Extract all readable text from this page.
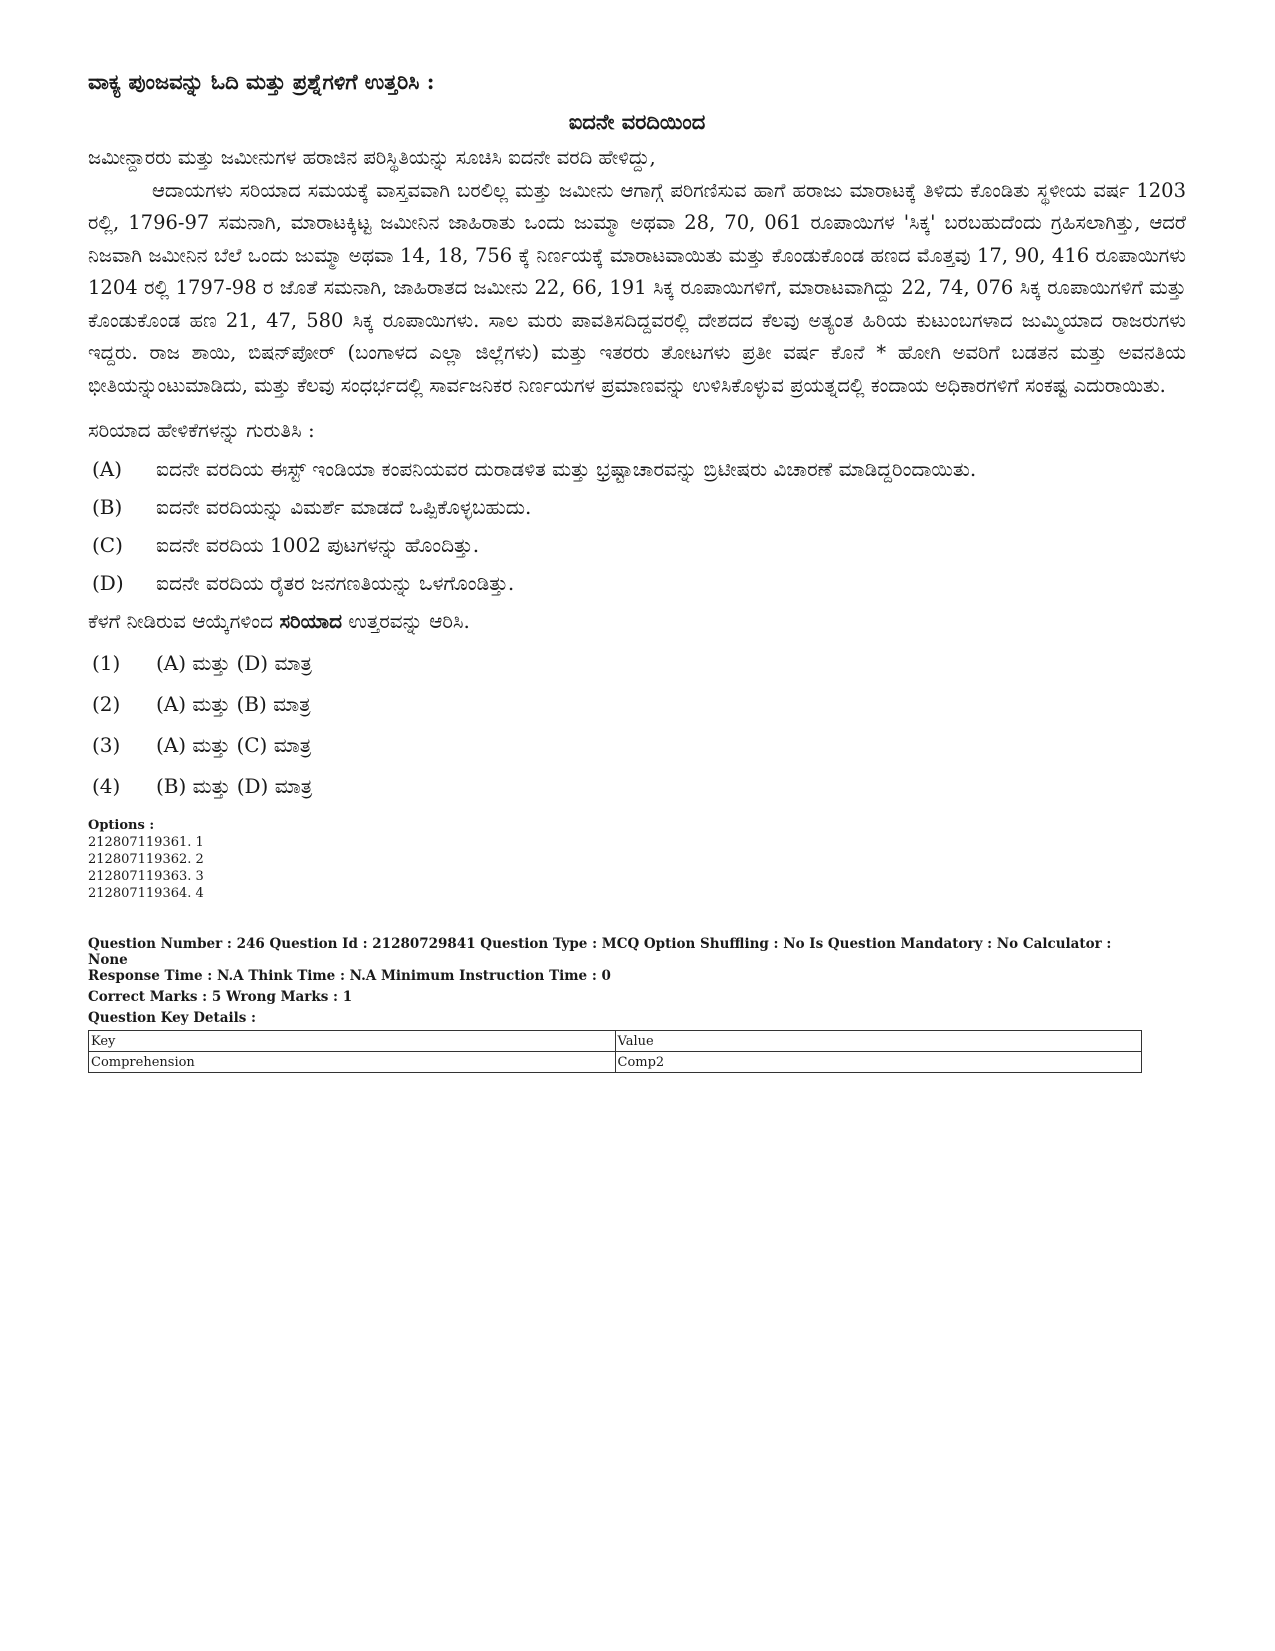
ವಾಕ್ಯ ಪುಂಜವನ್ನು ಓದಿ ಮತ್ತು ಪ್ರಶ್ನೆಗಳಿಗೆ ಉತ್ತರಿಸಿ :

ಐದನೇ ವರದಿಯಿಂದ

ಜಮೀನ್ದಾರರು ಮತ್ತು ಜಮೀನುಗಳ ಹರಾಜಿನ ಪರಿಸ್ಥಿತಿಯನ್ನು ಸೂಚಿಸಿ ಐದನೇ ವರದಿ ಹೇಳಿದ್ದು,
ಆದಾಯಗಳು ಸರಿಯಾದ ಸಮಯಕ್ಕೆ ವಾಸ್ತವವಾಗಿ ಬರಲಿಲ್ಲ ಮತ್ತು ಜಮೀನು ಆಗಾಗ್ಗೆ ಪರಿಗಣಿಸುವ ಹಾಗೆ ಹರಾಜು ಮಾರಾಟಕ್ಕೆ ತಿಳಿದು ಕೊಂಡಿತು ಸ್ಥಳೀಯ ವರ್ಷ 1203 ರಲ್ಲಿ, 1796-97 ಸಮನಾಗಿ, ಮಾರಾಟಕ್ಕಿಟ್ಟ ಜಮೀನಿನ ಜಾಹಿರಾತು ಒಂದು ಜುಮ್ಮಾ ಅಥವಾ 28, 70, 061 ರೂಪಾಯಿಗಳ 'ಸಿಕ್ಕ' ಬರಬಹುದೆಂದು ಗ್ರಹಿಸಲಾಗಿತ್ತು, ಆದರೆ ನಿಜವಾಗಿ ಜಮೀನಿನ ಬೆಲೆ ಒಂದು ಜುಮ್ಮಾ ಅಥವಾ 14, 18, 756 ಕ್ಕೆ ನಿರ್ಣಯಕ್ಕೆ ಮಾರಾಟವಾಯಿತು ಮತ್ತು ಕೊಂಡುಕೊಂಡ ಹಣದ ಮೊತ್ತವು 17, 90, 416 ರೂಪಾಯಿಗಳು 1204 ರಲ್ಲಿ 1797-98 ರ ಜೊತೆ ಸಮನಾಗಿ, ಜಾಹಿರಾತದ ಜಮೀನು 22, 66, 191 ಸಿಕ್ಕ ರೂಪಾಯಿಗಳಿಗೆ, ಮಾರಾಟವಾಗಿದ್ದು 22, 74, 076 ಸಿಕ್ಕ ರೂಪಾಯಿಗಳಿಗೆ ಮತ್ತು ಕೊಂಡುಕೊಂಡ ಹಣ 21, 47, 580 ಸಿಕ್ಕ ರೂಪಾಯಿಗಳು. ಸಾಲ ಮರು ಪಾವತಿಸದಿದ್ದವರಲ್ಲಿ ದೇಶದದ ಕೆಲವು ಅತ್ಯಂತ ಹಿರಿಯ ಕುಟುಂಬಗಳಾದ ಜುಮ್ಮಿಯಾದ ರಾಜರುಗಳು ಇದ್ದರು. ರಾಜ ಶಾಯಿ, ಬಿಷನ್‌ಪೋರ್ (ಬಂಗಾಳದ ಎಲ್ಲಾ ಜಿಲ್ಲೆಗಳು) ಮತ್ತು ಇತರರು ತೋಟಗಳು ಪ್ರತೀ ವರ್ಷ ಕೊನೆ * ಹೋಗಿ ಅವರಿಗೆ ಬಡತನ ಮತ್ತು ಅವನತಿಯ ಭೀತಿಯನ್ನುಂಟುಮಾಡಿದು, ಮತ್ತು ಕೆಲವು ಸಂಧರ್ಭದಲ್ಲಿ ಸಾರ್ವಜನಿಕರ ನಿರ್ಣಯಗಳ ಪ್ರಮಾಣವನ್ನು ಉಳಿಸಿಕೊಳ್ಳುವ ಪ್ರಯತ್ನದಲ್ಲಿ ಕಂದಾಯ ಅಧಿಕಾರಗಳಿಗೆ ಸಂಕಷ್ಟ ಎದುರಾಯಿತು.

ಸರಿಯಾದ ಹೇಳಿಕೆಗಳನ್ನು ಗುರುತಿಸಿ :

(A)	ಐದನೇ ವರದಿಯ ಈಸ್ಟ್ ಇಂಡಿಯಾ ಕಂಪನಿಯವರ ದುರಾಡಳಿತ ಮತ್ತು ಭ್ರಷ್ಟಾಚಾರವನ್ನು ಬ್ರಿಟೀಷರು ವಿಚಾರಣೆ ಮಾಡಿದ್ದರಿಂದಾಯಿತು.
(B)	ಐದನೇ ವರದಿಯನ್ನು ವಿಮರ್ಶೆ ಮಾಡದೆ ಒಪ್ಪಿಕೊಳ್ಳಬಹುದು.
(C)	ಐದನೇ ವರದಿಯ 1002 ಪುಟಗಳನ್ನು ಹೊಂದಿತ್ತು.
(D)	ಐದನೇ ವರದಿಯ ರೈತರ ಜನಗಣತಿಯನ್ನು ಒಳಗೊಂಡಿತ್ತು.

ಕೆಳಗೆ ನೀಡಿರುವ ಆಯ್ಕೆಗಳಿಂದ ಸರಿಯಾದ ಉತ್ತರವನ್ನು ಆರಿಸಿ.

(1)	(A) ಮತ್ತು (D) ಮಾತ್ರ
(2)	(A) ಮತ್ತು (B) ಮಾತ್ರ
(3)	(A) ಮತ್ತು (C) ಮಾತ್ರ
(4)	(B) ಮತ್ತು (D) ಮಾತ್ರ
Options :
212807119361. 1
212807119362. 2
212807119363. 3
212807119364. 4
Question Number : 246 Question Id : 21280729841 Question Type : MCQ Option Shuffling : No Is Question Mandatory : No Calculator : None
Response Time : N.A Think Time : N.A Minimum Instruction Time : 0
Correct Marks : 5 Wrong Marks : 1
Question Key Details :
Key	Value
Comprehension	Comp2
